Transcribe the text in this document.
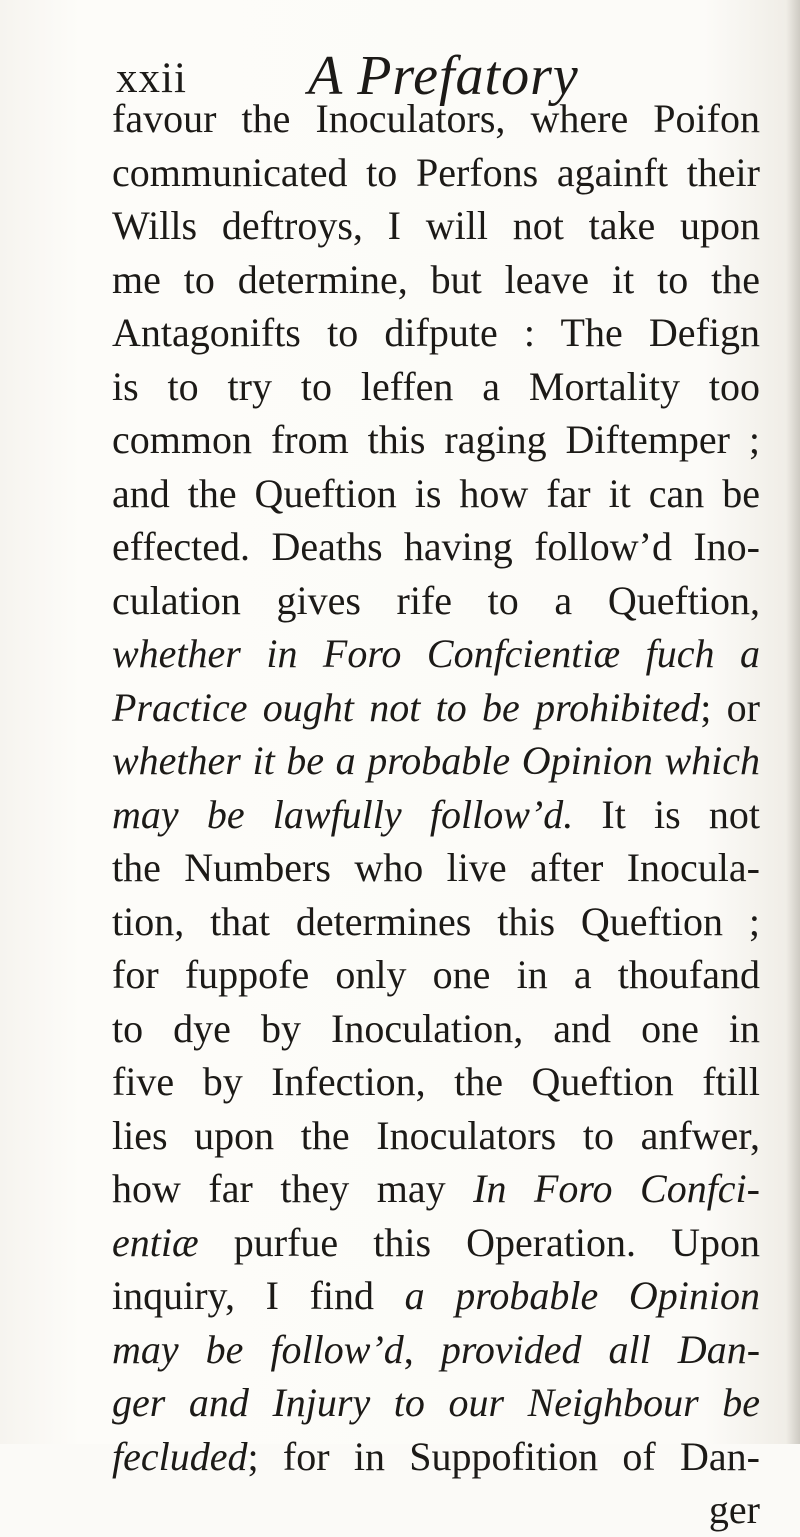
xxii A Prefatory
favour the Inoculators, where Poifon
communicated to Perfons againft their
Wills deftroys, I will not take upon
me to determine, but leave it to the
Antagonifts to difpute : The Defign
is to try to leffen a Mortality too
common from this raging Diftemper ;
and the Queftion is how far it can be
effected. Deaths having follow’d Ino-
culation gives rife to a Queftion,
whether in Foro Confcientiæ fuch a
Practice ought not to be prohibited; or
whether it be a probable Opinion which
may be lawfully follow’d. It is not
the Numbers who live after Inocula-
tion, that determines this Queftion ;
for fuppofe only one in a thoufand
to dye by Inoculation, and one in
five by Infection, the Queftion ftill
lies upon the Inoculators to anfwer,
how far they may In Foro Confci-
entiæ purfue this Operation. Upon
inquiry, I find a probable Opinion
may be follow’d, provided all Dan-
ger and Injury to our Neighbour be
fecluded; for in Suppofition of Dan-
ger
